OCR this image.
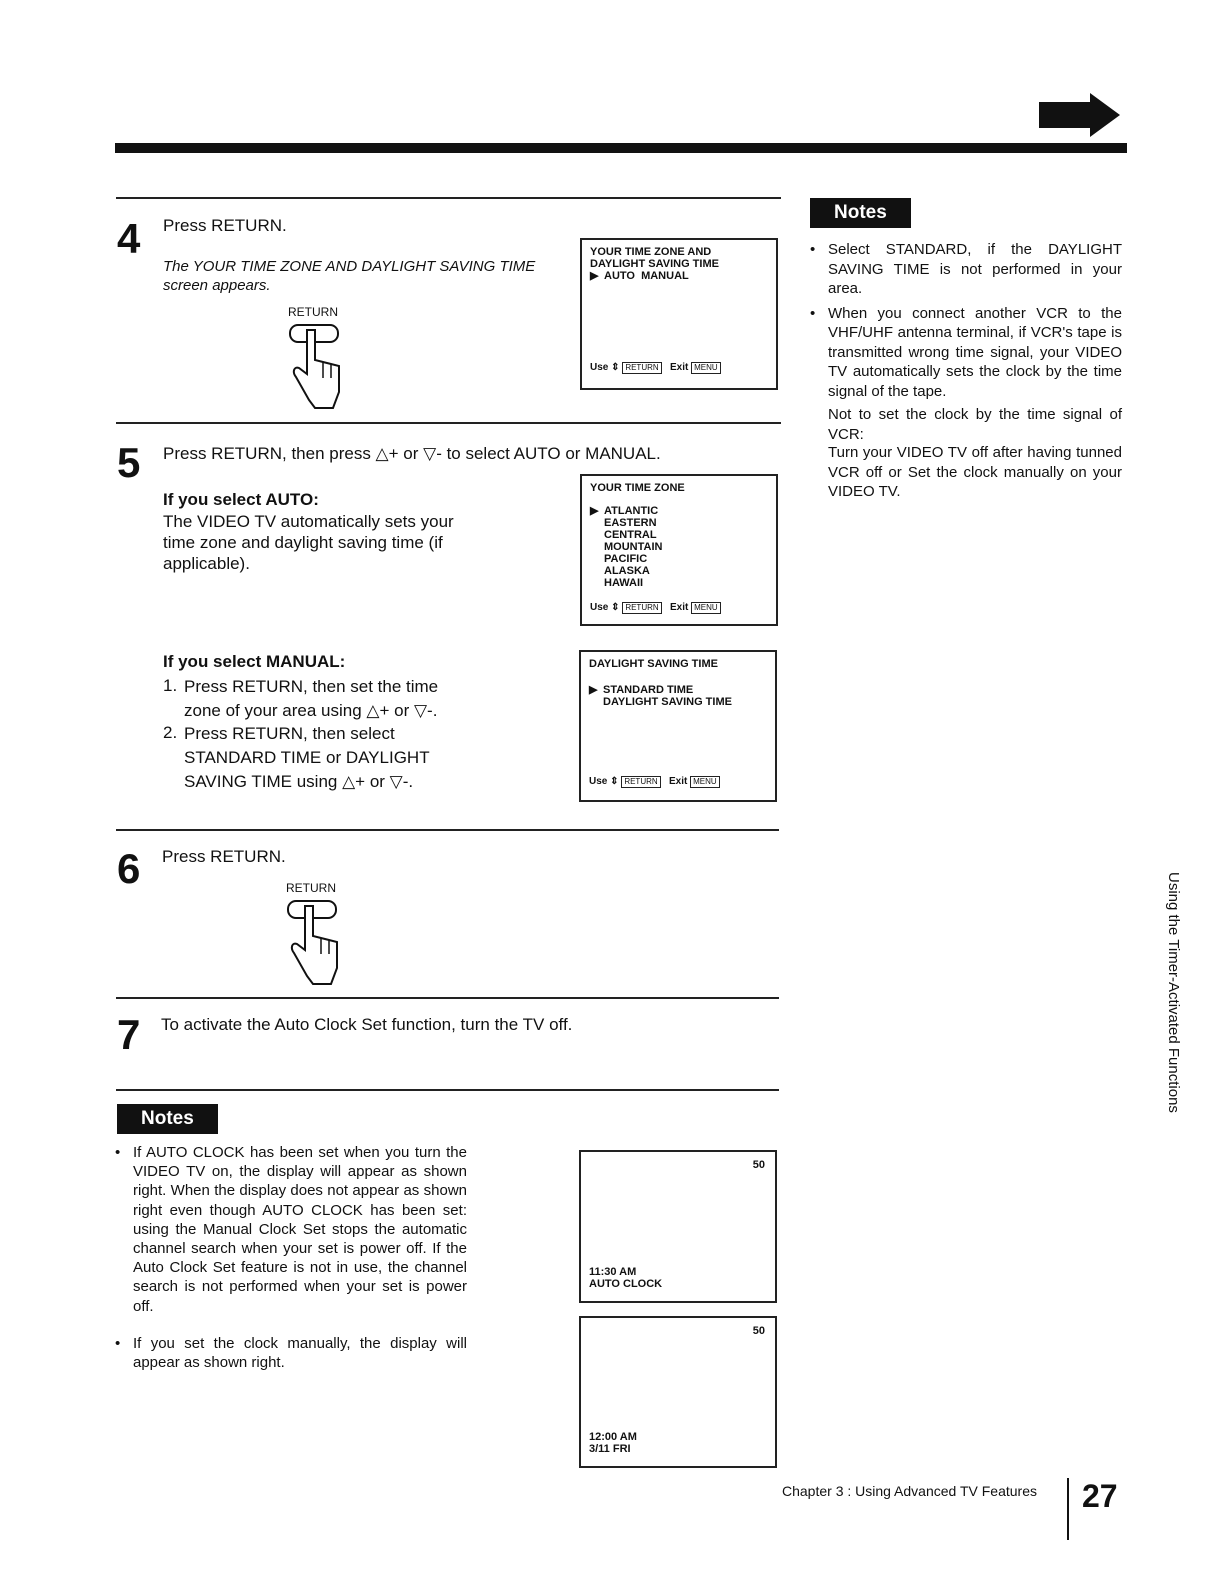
4 Press RETURN.
The YOUR TIME ZONE AND DAYLIGHT SAVING TIME screen appears.
RETURN
YOUR TIME ZONE AND
DAYLIGHT SAVING TIME
▶ AUTO  MANUAL
Use ⇕ RETURN Exit MENU
5 Press RETURN, then press △+ or ▽- to select AUTO or MANUAL.
If you select AUTO:
The VIDEO TV automatically sets your time zone and daylight saving time (if applicable).
YOUR TIME ZONE
▶ ATLANTIC
EASTERN
CENTRAL
MOUNTAIN
PACIFIC
ALASKA
HAWAII
Use ⇕ RETURN Exit MENU
If you select MANUAL:
1. Press RETURN, then set the time zone of your area using △+ or ▽-.
2. Press RETURN, then select STANDARD TIME or DAYLIGHT SAVING TIME using △+ or ▽-.
DAYLIGHT SAVING TIME
▶ STANDARD TIME
DAYLIGHT SAVING TIME
Use ⇕ RETURN Exit MENU
6 Press RETURN.
RETURN
7 To activate the Auto Clock Set function, turn the TV off.
Notes
• If AUTO CLOCK has been set when you turn the VIDEO TV on, the display will appear as shown right. When the display does not appear as shown right even though AUTO CLOCK has been set: using the Manual Clock Set stops the automatic channel search when your set is power off. If the Auto Clock Set feature is not in use, the channel search is not performed when your set is power off.
• If you set the clock manually, the display will appear as shown right.
50
11:30 AM
AUTO CLOCK
50
12:00 AM
3/11 FRI
Notes
• Select STANDARD, if the DAYLIGHT SAVING TIME is not performed in your area.
• When you connect another VCR to the VHF/UHF antenna terminal, if VCR's tape is transmitted wrong time signal, your VIDEO TV automatically sets the clock by the time signal of the tape.
Not to set the clock by the time signal of VCR:
Turn your VIDEO TV off after having tunned VCR off or Set the clock manually on your VIDEO TV.
Using the Timer-Activated Functions
Chapter 3 : Using Advanced TV Features 27
